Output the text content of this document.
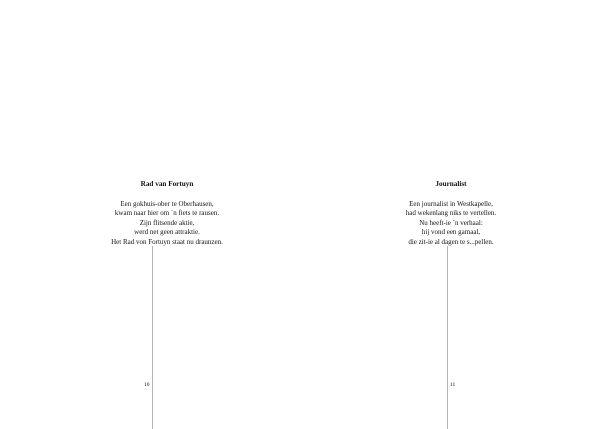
Rad van Fortuyn
Een gokhuis-ober te Oberhausen,
kwam naar hier om ´n fiets te rausen.
Zijn flitsende aktie,
werd net geen attraktie.
Het Rad von Fortuyn staat nu draunzen.
10
Journalist
Een journalist in Westkapelle,
had wekenlang niks te vertellen.
Nu heeft-ie ´n verhaal:
hij vond een gamaal,
die zit-ie al dagen te s...pellen.
11
